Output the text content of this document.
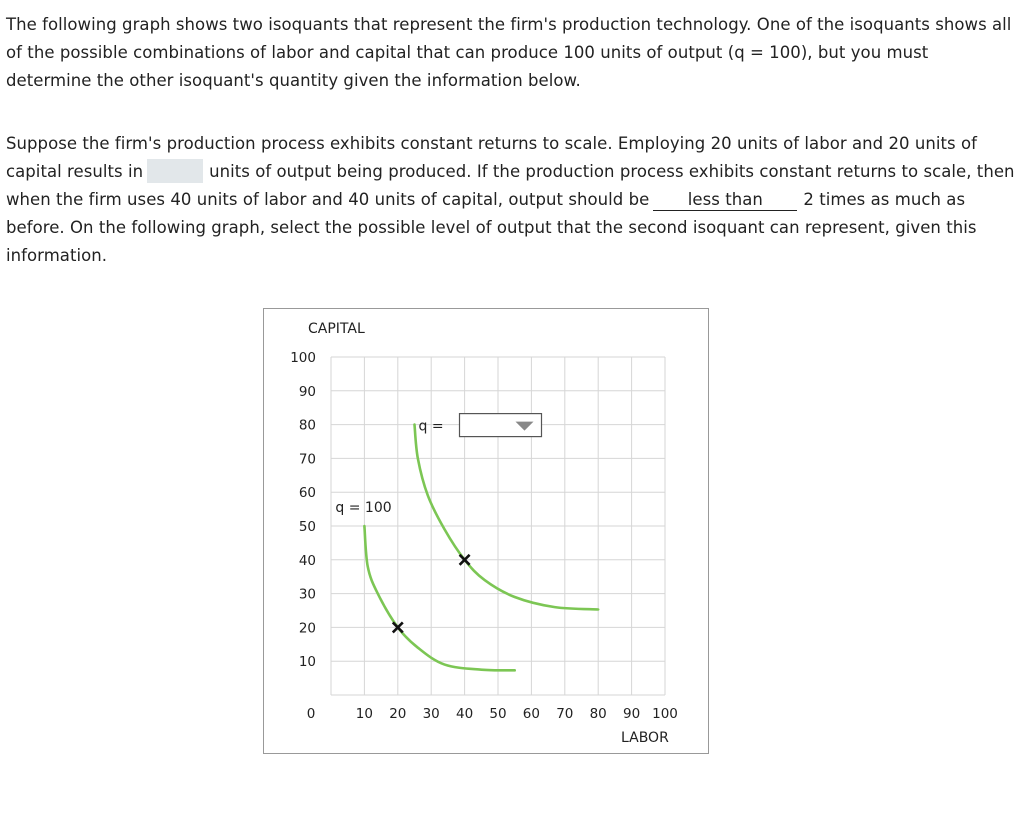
The following graph shows two isoquants that represent the firm's production technology. One of the isoquants shows all of the possible combinations of labor and capital that can produce 100 units of output (q = 100), but you must determine the other isoquant's quantity given the information below.

Suppose the firm's production process exhibits constant returns to scale. Employing 20 units of labor and 20 units of capital results in	units of output being produced. If the production process exhibits constant returns to scale, then when the firm uses 40 units of labor and 40 units of capital, output should be less than 2 times as much as before. On the following graph, select the possible level of output that the second isoquant can represent, given this information.

0	10 20 30 40 50 60 70 80 90 100
10
20
30
40
50
60
70
80
90
100
CAPITAL
LABOR
q = 100
q =
